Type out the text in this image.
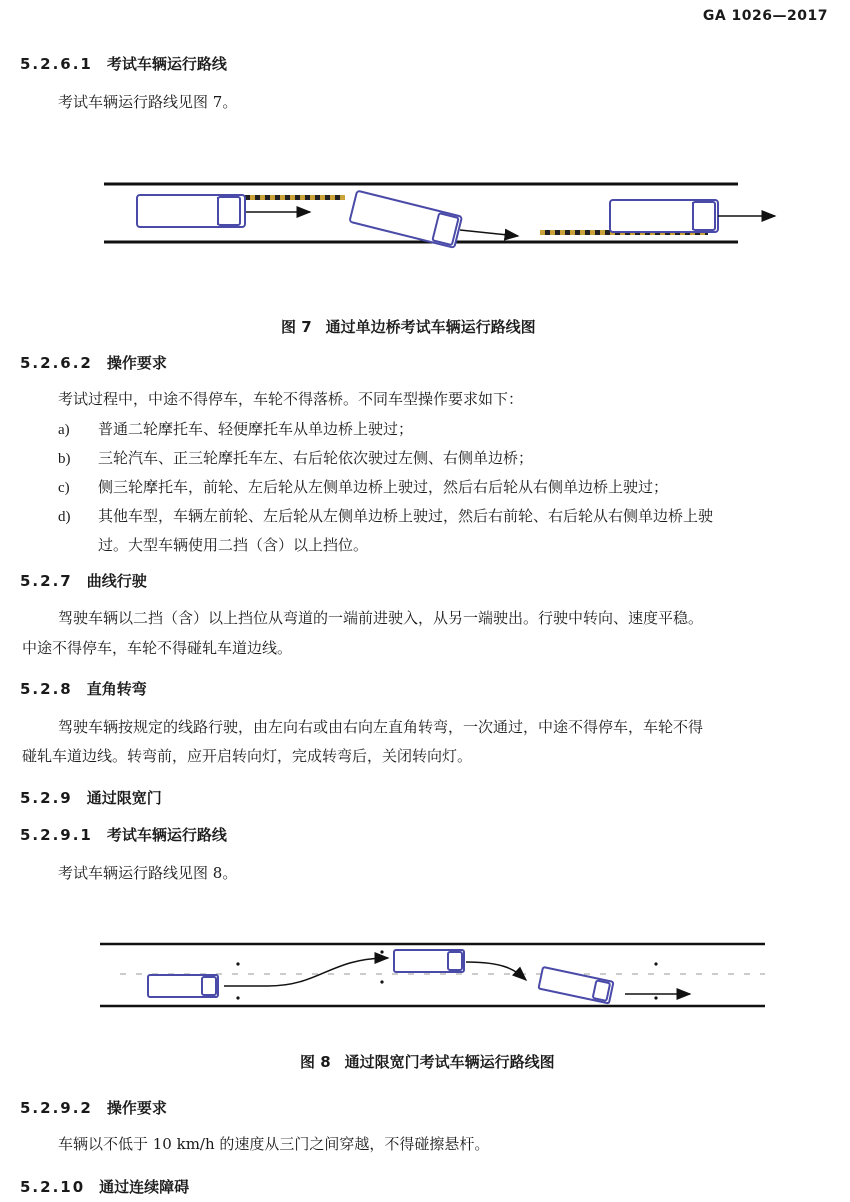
GA 1026—2017
5.2.6.1 考试车辆运行路线
考试车辆运行路线见图 7。
图 7 通过单边桥考试车辆运行路线图
5.2.6.2 操作要求
考试过程中，中途不得停车，车轮不得落桥。不同车型操作要求如下：
a) 普通二轮摩托车、轻便摩托车从单边桥上驶过；
b) 三轮汽车、正三轮摩托车左、右后轮依次驶过左侧、右侧单边桥；
c) 侧三轮摩托车，前轮、左后轮从左侧单边桥上驶过，然后右后轮从右侧单边桥上驶过；
d) 其他车型，车辆左前轮、左后轮从左侧单边桥上驶过，然后右前轮、右后轮从右侧单边桥上驶
过。大型车辆使用二挡（含）以上挡位。
5.2.7 曲线行驶
驾驶车辆以二挡（含）以上挡位从弯道的一端前进驶入，从另一端驶出。行驶中转向、速度平稳。
中途不得停车，车轮不得碰轧车道边线。
5.2.8 直角转弯
驾驶车辆按规定的线路行驶，由左向右或由右向左直角转弯，一次通过，中途不得停车，车轮不得
碰轧车道边线。转弯前，应开启转向灯，完成转弯后，关闭转向灯。
5.2.9 通过限宽门
5.2.9.1 考试车辆运行路线
考试车辆运行路线见图 8。
图 8 通过限宽门考试车辆运行路线图
5.2.9.2 操作要求
车辆以不低于 10 km/h 的速度从三门之间穿越，不得碰擦悬杆。
5.2.10 通过连续障碍
